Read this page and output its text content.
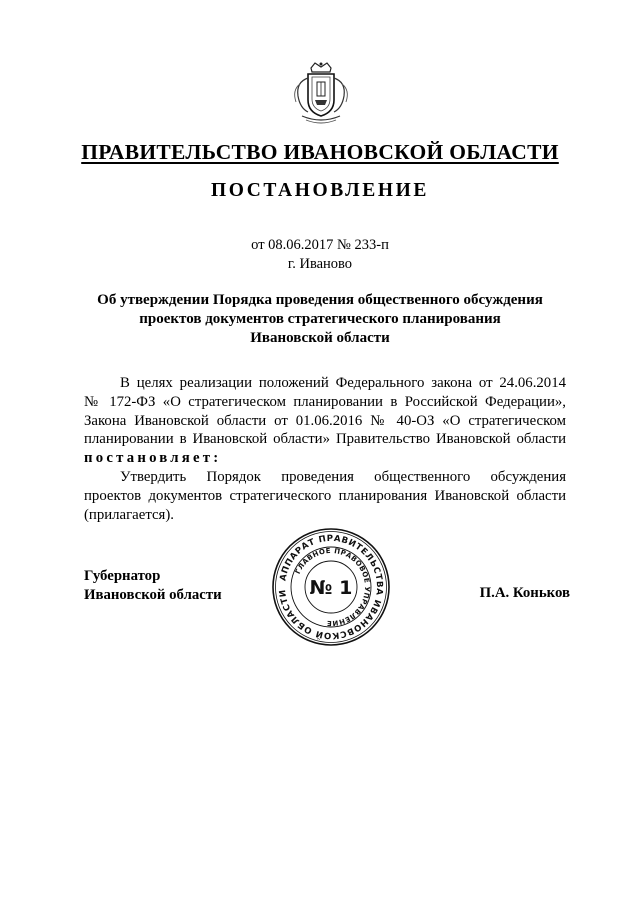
ПРАВИТЕЛЬСТВО ИВАНОВСКОЙ ОБЛАСТИ
ПОСТАНОВЛЕНИЕ
от 08.06.2017 № 233-п
г. Иваново
Об утверждении Порядка проведения общественного обсуждения
проектов документов стратегического планирования
Ивановской области
В целях реализации положений Федерального закона от 24.06.2014
№ 172-ФЗ «О стратегическом планировании в Российской Федерации»,
Закона Ивановской области от 01.06.2016 № 40-ОЗ «О стратегическом
планировании в Ивановской области» Правительство Ивановской области
постановляет:
Утвердить Порядок проведения общественного обсуждения
проектов документов стратегического планирования Ивановской области
(прилагается).
Губернатор
Ивановской области	П.А. Коньков
АППАРАТ ПРАВИТЕЛЬСТВА ИВАНОВСКОЙ ОБЛАСТИ
ГЛАВНОЕ ПРАВОВОЕ УПРАВЛЕНИЕ
№ 1
